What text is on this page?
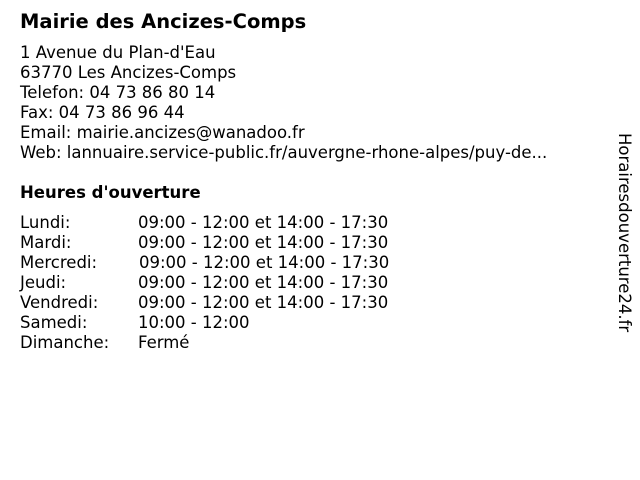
Mairie des Ancizes-Comps
1 Avenue du Plan-d'Eau
63770 Les Ancizes-Comps
Telefon: 04 73 86 80 14
Fax: 04 73 86 96 44
Email: mairie.ancizes@wanadoo.fr
Web: lannuaire.service-public.fr/auvergne-rhone-alpes/puy-de...
Heures d'ouverture
Lundi:	09:00 - 12:00 et 14:00 - 17:30
Mardi:	09:00 - 12:00 et 14:00 - 17:30
Mercredi:	09:00 - 12:00 et 14:00 - 17:30
Jeudi:	09:00 - 12:00 et 14:00 - 17:30
Vendredi: 09:00 - 12:00 et 14:00 - 17:30
Samedi:	10:00 - 12:00
Dimanche: Fermé
Horairesdouverture24.fr
